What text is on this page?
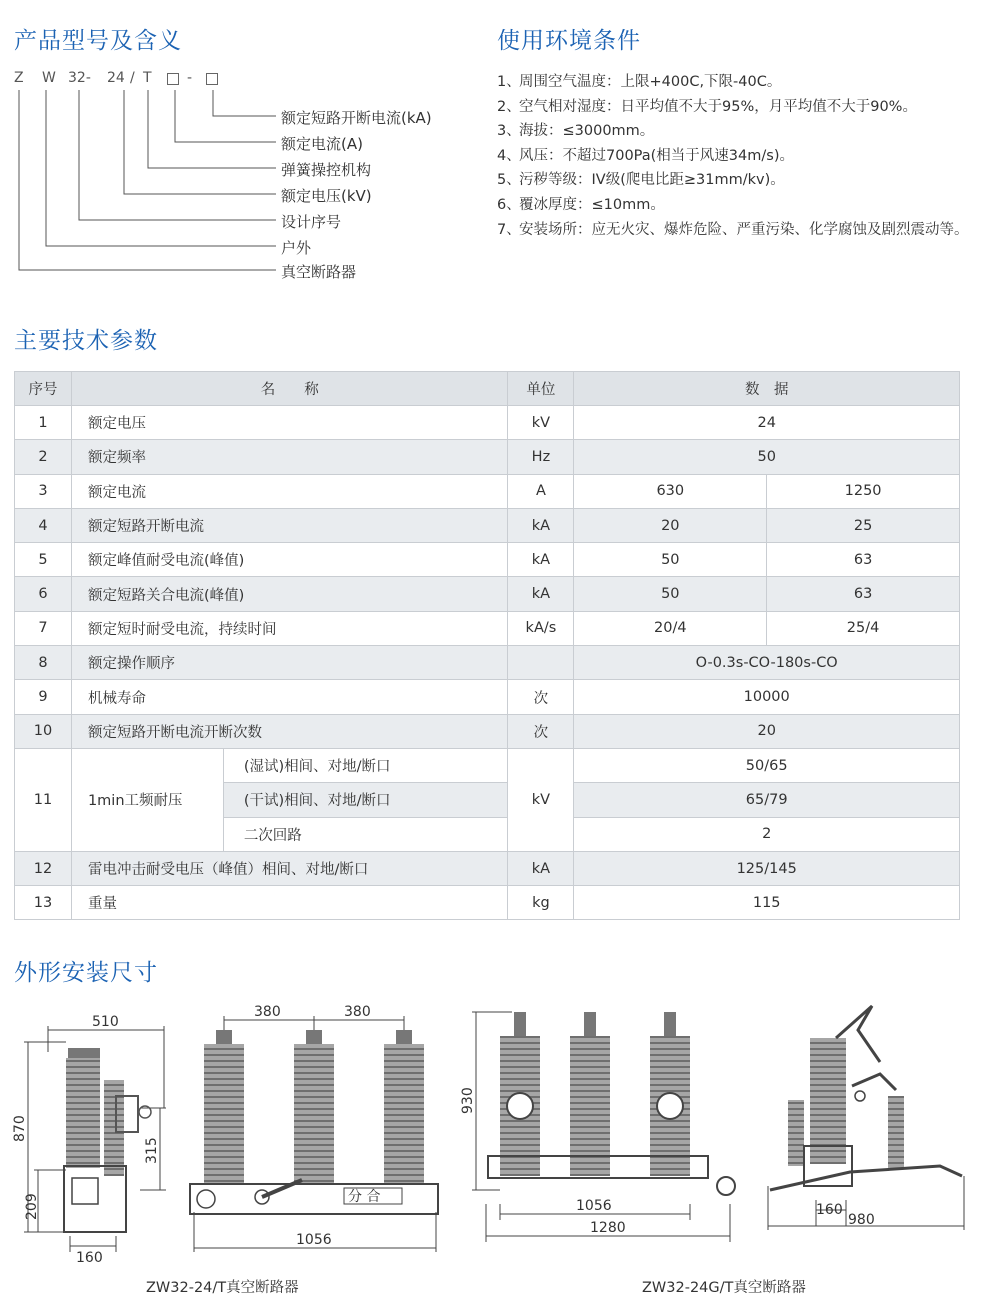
产品型号及含义	使用环境条件
主要技术参数
外形安装尺寸
Z W 32- 24 / T	-
额定短路开断电流(kA)
额定电流(A)
弹簧操控机构
额定电压(kV)
设计序号
户外
真空断路器
1、
周围空气温度：上限+400C,下限-40C。
2、
空气相对湿度：日平均值不大于95%，月平均值不大于90%。
3、
海拔：≤3000mm。
4、
风压：不超过700Pa(相当于风速34m/s)。
5、
污秽等级：IV级(爬电比距≥31mm/kv)。
6、
覆冰厚度：≤10mm。
7、
安装场所：应无火灾、爆炸危险、严重污染、化学腐蚀及剧烈震动等。
序号	名　　称		单位	数　据	
1	额定电压		kV	24	
2	额定频率		Hz	50	
3	额定电流		A	630	1250
4	额定短路开断电流		kA	20	25
5	额定峰值耐受电流(峰值)		kA	50	63
6	额定短路关合电流(峰值)		kA	50	63
7	额定短时耐受电流，持续时间		kA/s	20/4	25/4
8	额定操作顺序			O-0.3s-CO-180s-CO	
9	机械寿命		次	10000	
10	额定短路开断电流开断次数		次	20	
11	1min工频耐压	(湿试)相间、对地/断口	kV	50/65	
		(干试)相间、对地/断口		65/79	
		二次回路		2	
12	雷电冲击耐受电压（峰值）相间、对地/断口		kA	125/145	
13	重量		kg	115	
510
870
315
209
160
分 合
380	380
1056
930
1056
1280
160
980
ZW32-24/T真空断路器	ZW32-24G/T真空断路器
